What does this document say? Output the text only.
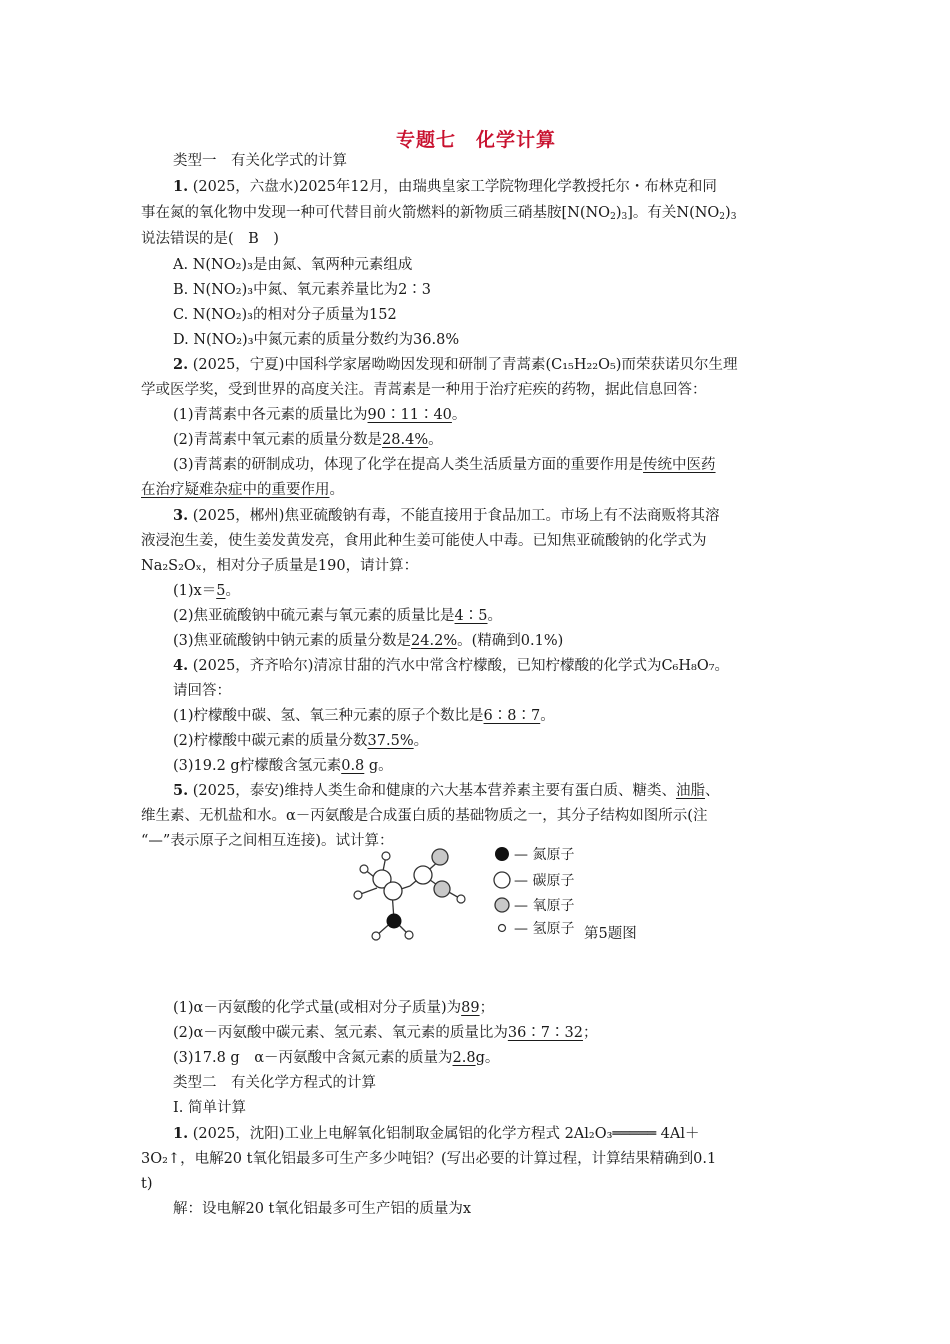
专题七　化学计算
类型一　有关化学式的计算
1. (2025，六盘水)2025年12月，由瑞典皇家工学院物理化学教授托尔・布林克和同
事在氮的氧化物中发现一种可代替目前火箭燃料的新物质三硝基胺$[N(NO_2)_3]$。有关$N(NO_2)_3$
说法错误的是(　B　)
A. N(NO₂)₃是由氮、氧两种元素组成
B. N(NO₂)₃中氮、氧元素养量比为2∶3
C. N(NO₂)₃的相对分子质量为152
D. N(NO₂)₃中氮元素的质量分数约为36.8%
2. (2025，宁夏)中国科学家屠呦呦因发现和研制了青蒿素(C₁₅H₂₂O₅)而荣获诺贝尔生理
学或医学奖，受到世界的高度关注。青蒿素是一种用于治疗疟疾的药物，据此信息回答：
(1)青蒿素中各元素的质量比为90∶11∶40。
(2)青蒿素中氧元素的质量分数是28.4%。
(3)青蒿素的研制成功，体现了化学在提高人类生活质量方面的重要作用是传统中医药
在治疗疑难杂症中的重要作用。
3. (2025，郴州)焦亚硫酸钠有毒，不能直接用于食品加工。市场上有不法商贩将其溶
液浸泡生姜，使生姜发黄发亮，食用此种生姜可能使人中毒。已知焦亚硫酸钠的化学式为
Na₂S₂Oₓ，相对分子质量是190，请计算：
(1)x＝5。
(2)焦亚硫酸钠中硫元素与氧元素的质量比是4∶5。
(3)焦亚硫酸钠中钠元素的质量分数是24.2%。(精确到0.1%)
4. (2025，齐齐哈尔)清凉甘甜的汽水中常含柠檬酸，已知柠檬酸的化学式为C₆H₈O₇。
请回答：
(1)柠檬酸中碳、氢、氧三种元素的原子个数比是6∶8∶7。
(2)柠檬酸中碳元素的质量分数37.5%。
(3)19.2 g柠檬酸含氢元素0.8 g。
5. (2025，泰安)维持人类生命和健康的六大基本营养素主要有蛋白质、糖类、油脂、
维生素、无机盐和水。α－丙氨酸是合成蛋白质的基础物质之一，其分子结构如图所示(注
“—”表示原子之间相互连接)。试计算：
— 氮原子
— 碳原子
— 氧原子
— 氢原子 第5题图
(1)α－丙氨酸的化学式量(或相对分子质量)为89；
(2)α－丙氨酸中碳元素、氢元素、氧元素的质量比为36∶7∶32；
(3)17.8 g　α－丙氨酸中含氮元素的质量为2.8g。
类型二　有关化学方程式的计算
Ⅰ. 简单计算
1. (2025，沈阳)工业上电解氧化铝制取金属铝的化学方程式 2Al₂O₃═════ 4Al＋
3O₂↑，电解20 t氧化铝最多可生产多少吨铝？(写出必要的计算过程，计算结果精确到0.1
t)
解：设电解20 t氧化铝最多可生产铝的质量为x
